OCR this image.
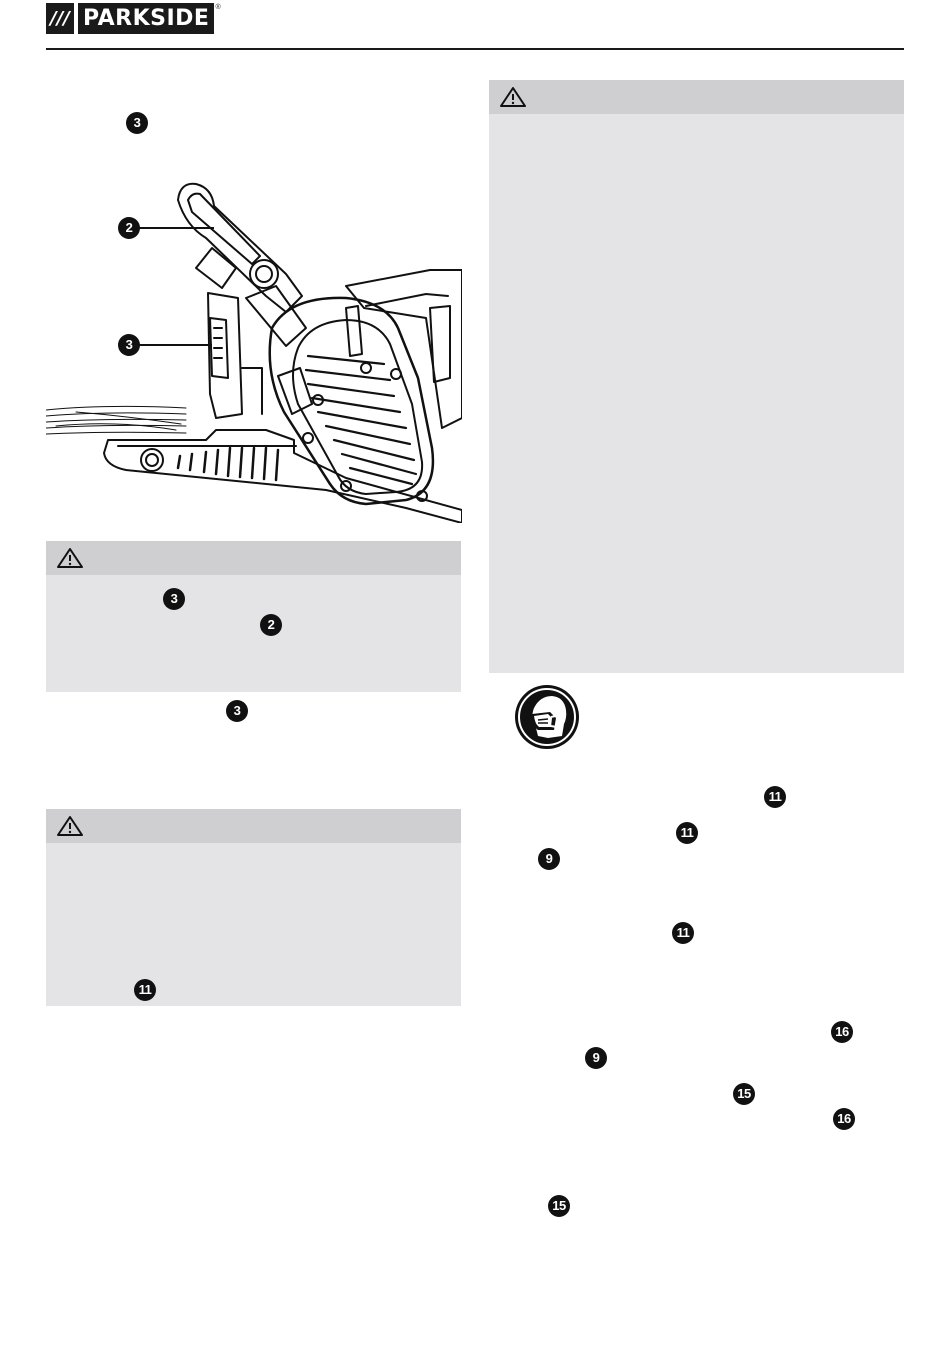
/// PARKSIDE ®
3
2
3
3
2
3
11
11
11
9
11
16
9
15
16
15
